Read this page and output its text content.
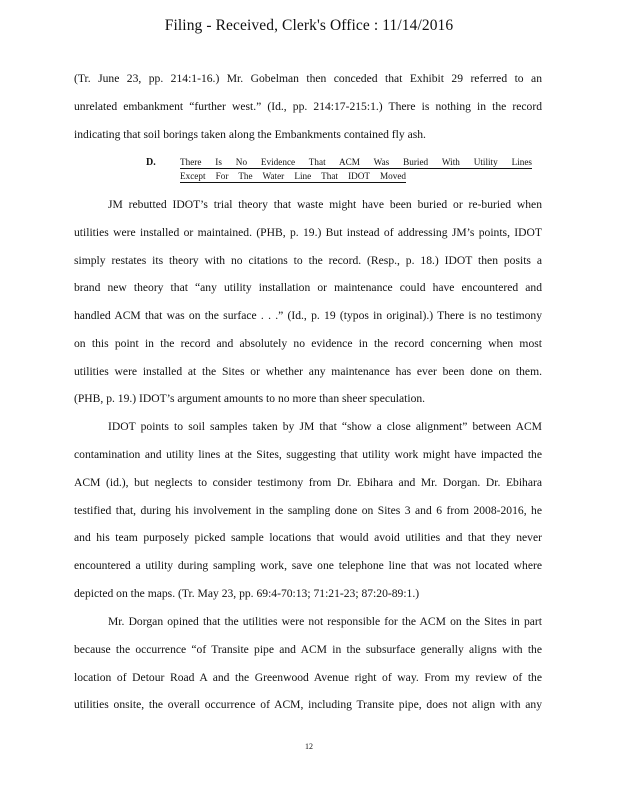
Filing - Received, Clerk's Office : 11/14/2016
(Tr. June 23, pp. 214:1-16.) Mr. Gobelman then conceded that Exhibit 29 referred to an
unrelated embankment “further west.” (Id., pp. 214:17-215:1.) There is nothing in the record
indicating that soil borings taken along the Embankments contained fly ash.
D.	There Is No Evidence That ACM Was Buried With Utility Lines
Except For The Water Line That IDOT Moved
JM rebutted IDOT’s trial theory that waste might have been buried or re-buried when
utilities were installed or maintained. (PHB, p. 19.) But instead of addressing JM’s points, IDOT
simply restates its theory with no citations to the record. (Resp., p. 18.) IDOT then posits a
brand new theory that “any utility installation or maintenance could have encountered and
handled ACM that was on the surface . . .” (Id., p. 19 (typos in original).) There is no testimony
on this point in the record and absolutely no evidence in the record concerning when most
utilities were installed at the Sites or whether any maintenance has ever been done on them.
(PHB, p. 19.) IDOT’s argument amounts to no more than sheer speculation.
IDOT points to soil samples taken by JM that “show a close alignment” between ACM
contamination and utility lines at the Sites, suggesting that utility work might have impacted the
ACM (id.), but neglects to consider testimony from Dr. Ebihara and Mr. Dorgan. Dr. Ebihara
testified that, during his involvement in the sampling done on Sites 3 and 6 from 2008-2016, he
and his team purposely picked sample locations that would avoid utilities and that they never
encountered a utility during sampling work, save one telephone line that was not located where
depicted on the maps. (Tr. May 23, pp. 69:4-70:13; 71:21-23; 87:20-89:1.)
Mr. Dorgan opined that the utilities were not responsible for the ACM on the Sites in part
because the occurrence “of Transite pipe and ACM in the subsurface generally aligns with the
location of Detour Road A and the Greenwood Avenue right of way. From my review of the
utilities onsite, the overall occurrence of ACM, including Transite pipe, does not align with any
12
